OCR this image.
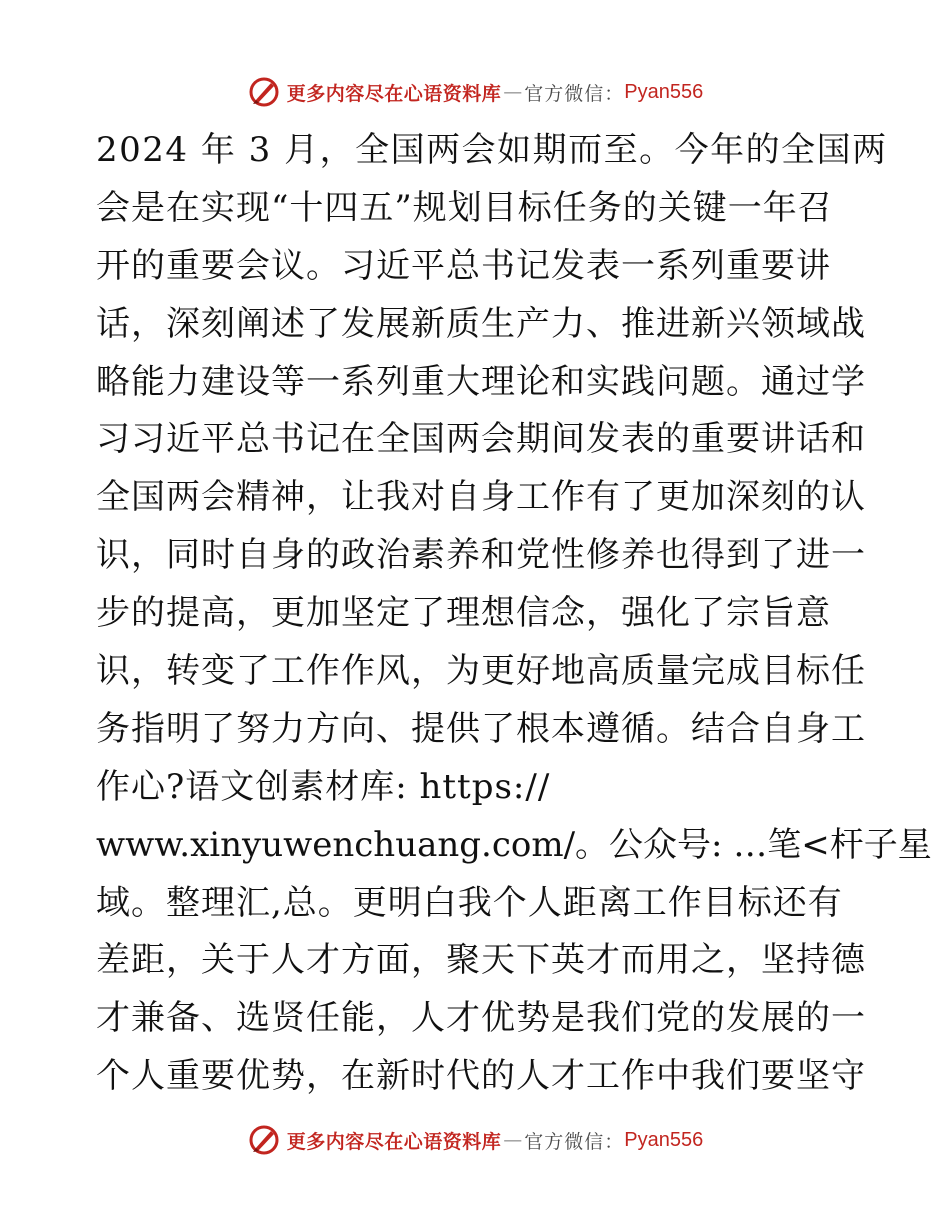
更多内容尽在心语资料库 — 官方微信： Pyan556
2024 年 3 月，全国两会如期而至。今年的全国两
会是在实现“十四五”规划目标任务的关键一年召
开的重要会议。习近平总书记发表一系列重要讲
话，深刻阐述了发展新质生产力、推进新兴领域战
略能力建设等一系列重大理论和实践问题。通过学
习习近平总书记在全国两会期间发表的重要讲话和
全国两会精神，让我对自身工作有了更加深刻的认
识，同时自身的政治素养和党性修养也得到了进一
步的提高，更加坚定了理想信念，强化了宗旨意
识，转变了工作作风，为更好地高质量完成目标任
务指明了努力方向、提供了根本遵循。结合自身工
作心?语文创素材库: https://
www.xinyuwenchuang.com/。公众号: …笔<杆子星
域。整理汇,总。更明白我个人距离工作目标还有
差距，关于人才方面，聚天下英才而用之，坚持德
才兼备、选贤任能，人才优势是我们党的发展的一
个人重要优势，在新时代的人才工作中我们要坚守
更多内容尽在心语资料库 — 官方微信： Pyan556
